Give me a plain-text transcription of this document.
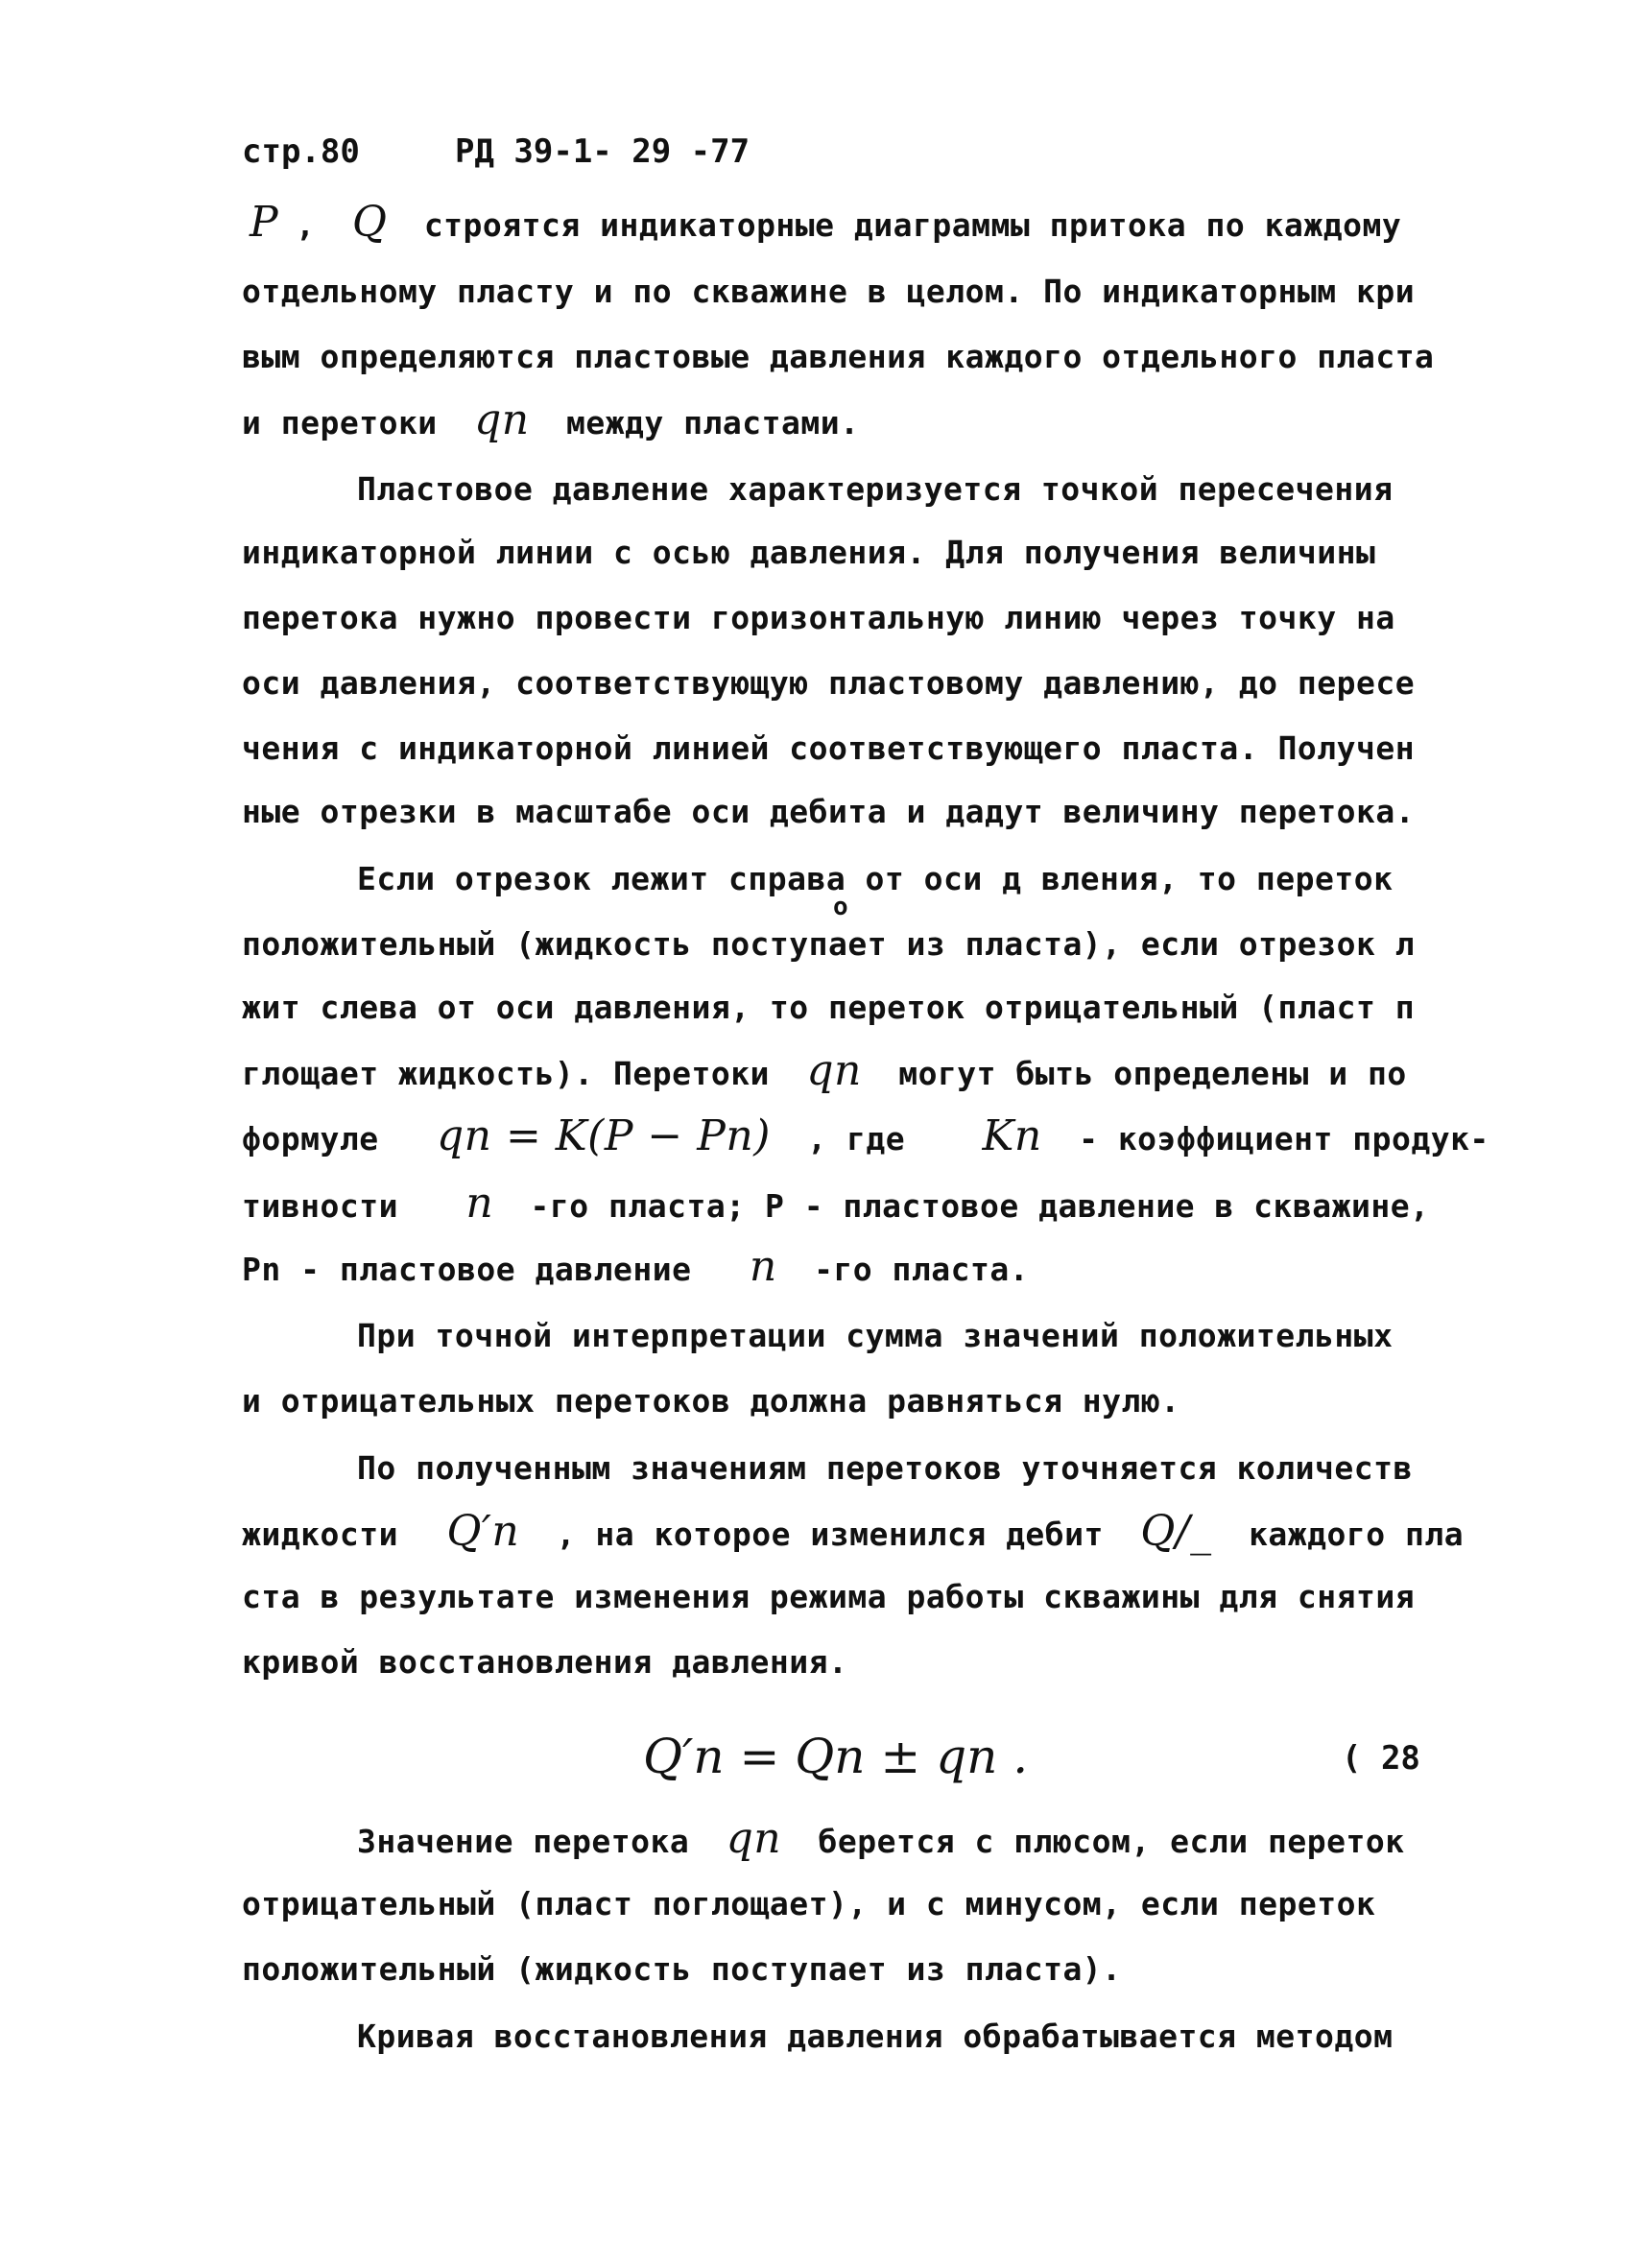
стр.80	РД 39-1- 29 -77
P , Q строятся индикаторные диаграммы притока по каждому
отдельному пласту и по скважине в целом. По индикаторным кри
вым определяются пластовые давления каждого отдельного пласта
и перетоки qn между пластами.
Пластовое давление характеризуется точкой пересечения
индикаторной линии с осью давления. Для получения величины
перетока нужно провести горизонтальную линию через точку на
оси давления, соответствующую пластовому давлению, до пересе
чения с индикаторной линией соответствующего пласта. Получен
ные отрезки в масштабе оси дебита и дадут величину перетока.
Если отрезок лежит справа от оси д вления, то переток
о
положительный (жидкость поступает из пласта), если отрезок л
жит слева от оси давления, то переток отрицательный (пласт п
глощает жидкость). Перетоки qn могут быть определены и по
формуле qn = K(P − Pn) , где Kn - коэффициент продук-
тивности n -го пласта; P - пластовое давление в скважине,
Pn - пластовое давление n -го пласта.
При точной интерпретации сумма значений положительных
и отрицательных перетоков должна равняться нулю.
По полученным значениям перетоков уточняется количеств
жидкости Q′n , на которое изменился дебит Q/_ каждого пла
ста в результате изменения режима работы скважины для снятия
кривой восстановления давления.
Q′n = Qn ± qn .	( 28
Значение перетока qn берется с плюсом, если переток
отрицательный (пласт поглощает), и с минусом, если переток
положительный (жидкость поступает из пласта).
Кривая восстановления давления обрабатывается методом
